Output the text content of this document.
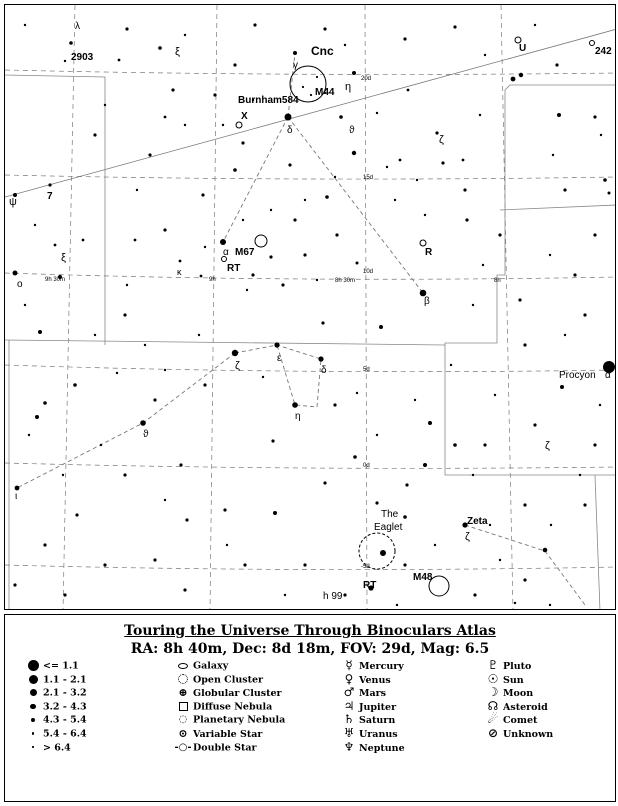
20d
15d
10d
5d
0d
-5d
9h 30m	9h	8h 30m	8h
Cnc
M44
Burnham584
X
M67
RT
R
Procyon α
The
Eaglet
Zeta
M48
RT
h 99
U
2903
242
7
γ
η
δ	ϑ
ζ
α
β
ξ
λ
ψ
ξ
o
κ
ζ
ε
δ
η
ϑ
ι
ζ
ζ
Touring the Universe Through Binoculars Atlas
RA: 8h 40m, Dec: 8d 18m, FOV: 29d, Mag: 6.5
<= 1.1
1.1 - 2.1
2.1 - 3.2
3.2 - 4.3
4.3 - 5.4
5.4 - 6.4
> 6.4
Galaxy
Open Cluster
⊕ Globular Cluster
Diffuse Nebula
◌ Planetary Nebula
⊙ Variable Star
-○-Double Star
☿ Mercury
♀ Venus
♂ Mars
♃ Jupiter
♄ Saturn
♅ Uranus
♆ Neptune
♇ Pluto
☉ Sun
☽ Moon
☊ Asteroid
☄ Comet
⊘ Unknown
